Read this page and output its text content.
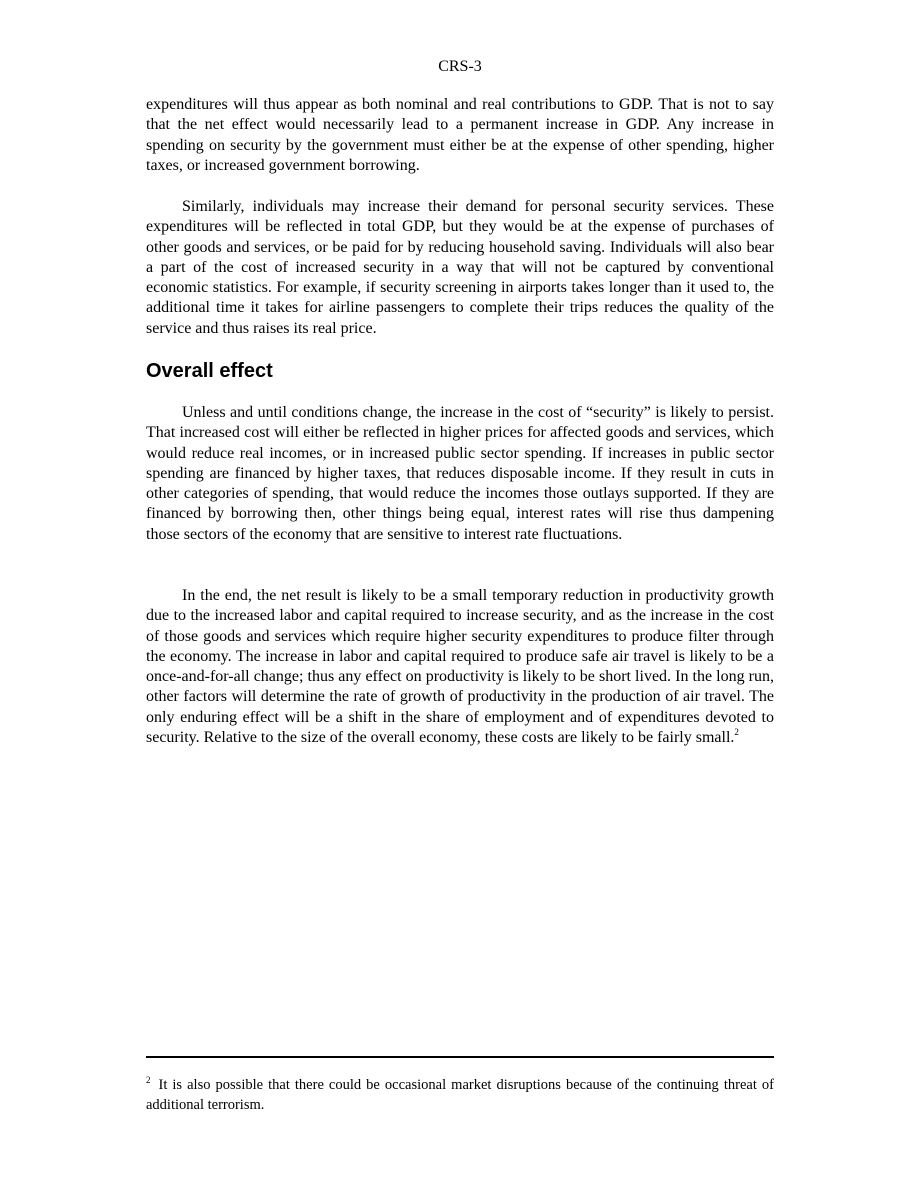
CRS-3

expenditures will thus appear as both nominal and real contributions to GDP. That is not to say that the net effect would necessarily lead to a permanent increase in GDP. Any increase in spending on security by the government must either be at the expense of other spending, higher taxes, or increased government borrowing.

Similarly, individuals may increase their demand for personal security services. These expenditures will be reflected in total GDP, but they would be at the expense of purchases of other goods and services, or be paid for by reducing household saving. Individuals will also bear a part of the cost of increased security in a way that will not be captured by conventional economic statistics. For example, if security screening in airports takes longer than it used to, the additional time it takes for airline passengers to complete their trips reduces the quality of the service and thus raises its real price.

Overall effect

Unless and until conditions change, the increase in the cost of “security” is likely to persist. That increased cost will either be reflected in higher prices for affected goods and services, which would reduce real incomes, or in increased public sector spending. If increases in public sector spending are financed by higher taxes, that reduces disposable income. If they result in cuts in other categories of spending, that would reduce the incomes those outlays supported. If they are financed by borrowing then, other things being equal, interest rates will rise thus dampening those sectors of the economy that are sensitive to interest rate fluctuations.

In the end, the net result is likely to be a small temporary reduction in productivity growth due to the increased labor and capital required to increase security, and as the increase in the cost of those goods and services which require higher security expenditures to produce filter through the economy. The increase in labor and capital required to produce safe air travel is likely to be a once-and-for-all change; thus any effect on productivity is likely to be short lived. In the long run, other factors will determine the rate of growth of productivity in the production of air travel. The only enduring effect will be a shift in the share of employment and of expenditures devoted to security. Relative to the size of the overall economy, these costs are likely to be fairly small.$^2$

$^2$ It is also possible that there could be occasional market disruptions because of the continuing threat of additional terrorism.
